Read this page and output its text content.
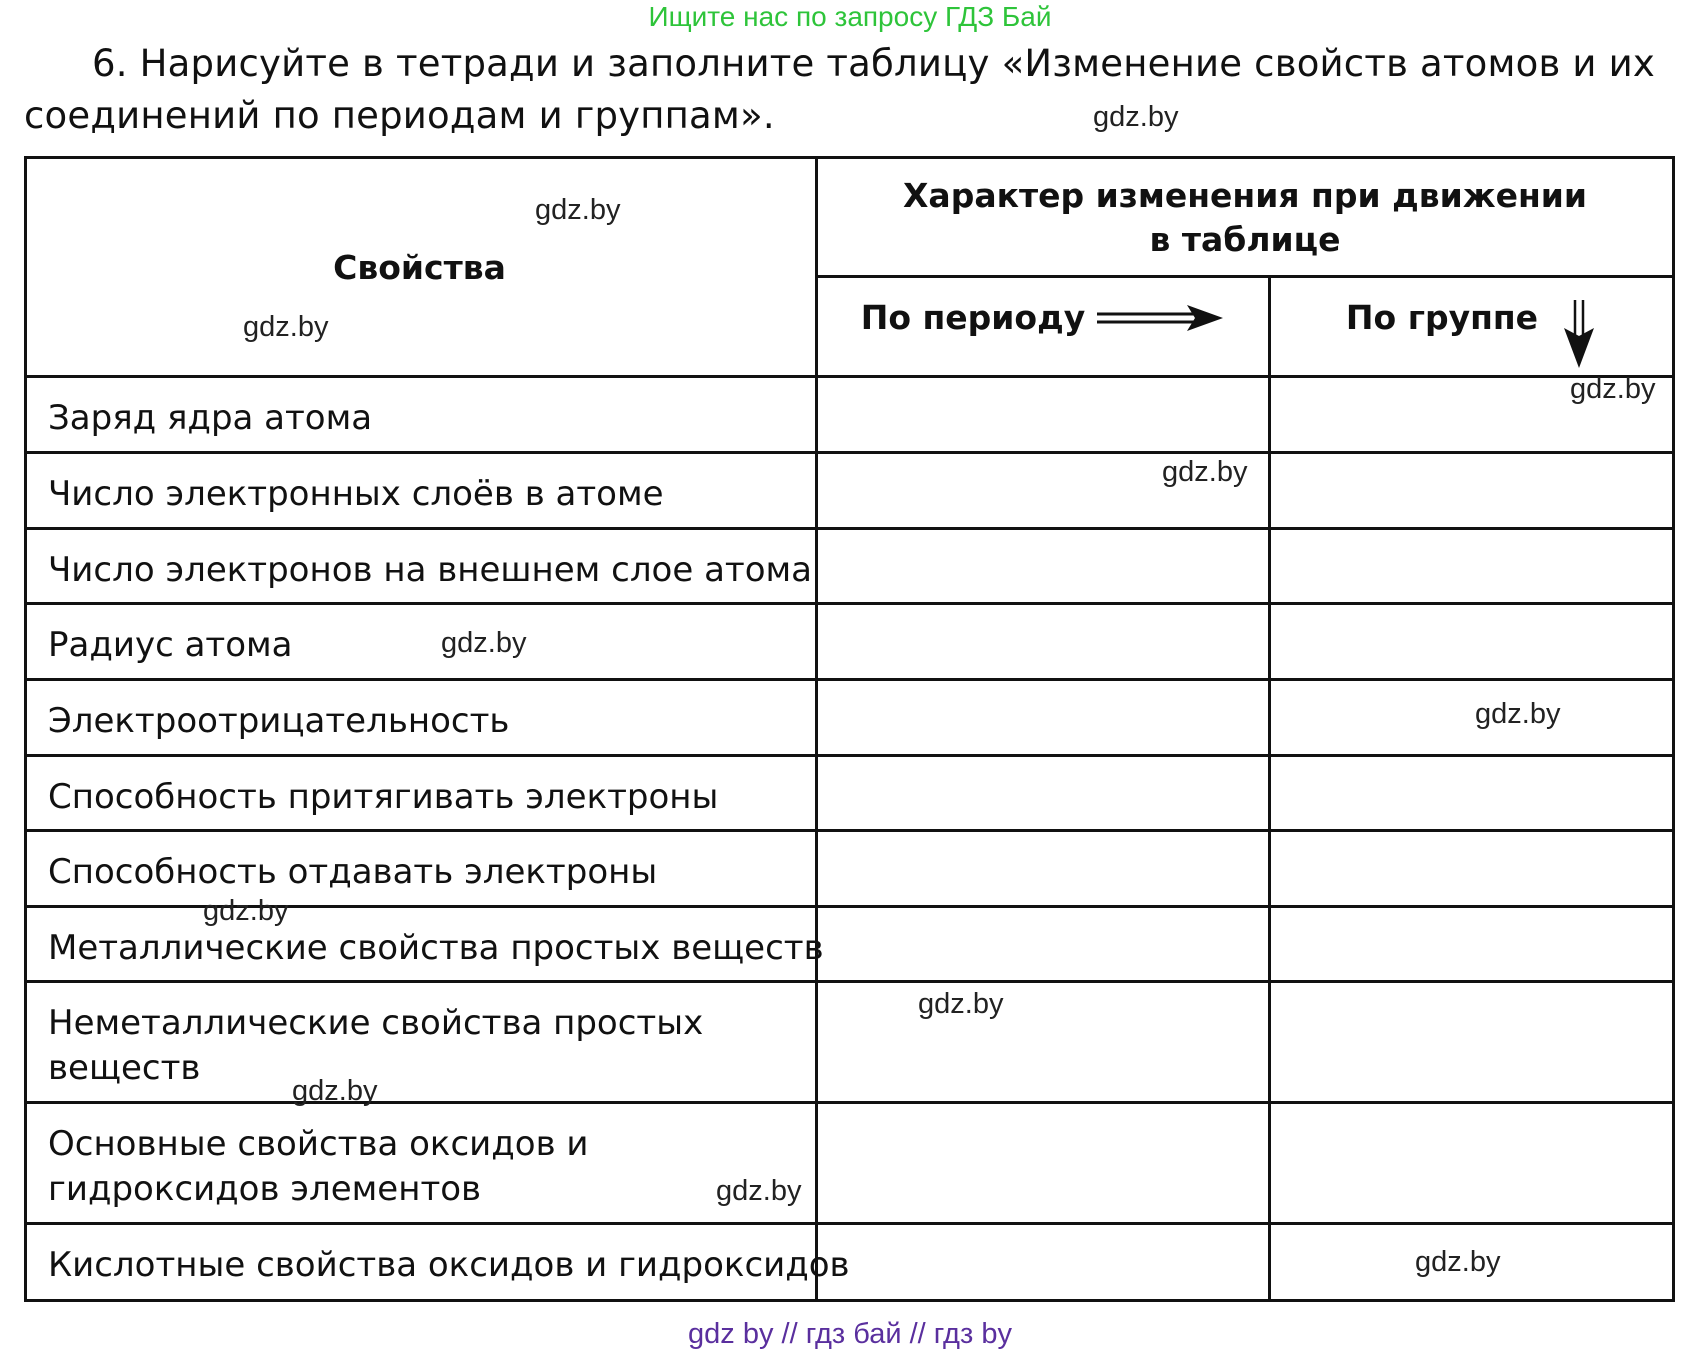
Ищите нас по запросу ГДЗ Бай
6. Нарисуйте в тетради и заполните таблицу «Изменение свойств атомов и их соединений по периодам и группам».
Свойства
Характер изменения при движении в таблице
По периоду	По группе
Заряд ядра атома
Число электронных слоёв в атоме
Число электронов на внешнем слое атома
Радиус атома
Электроотрицательность
Способность притягивать электроны
Способность отдавать электроны
Металлические свойства простых веществ
Неметаллические свойства простых веществ
Основные свойства оксидов и гидроксидов элементов
Кислотные свойства оксидов и гидроксидов
gdz.by
gdz.by
gdz.by
gdz.by
gdz.by
gdz.by
gdz.by
gdz.by
gdz.by
gdz.by
gdz.by
gdz.by
gdz by // гдз бай // гдз by
